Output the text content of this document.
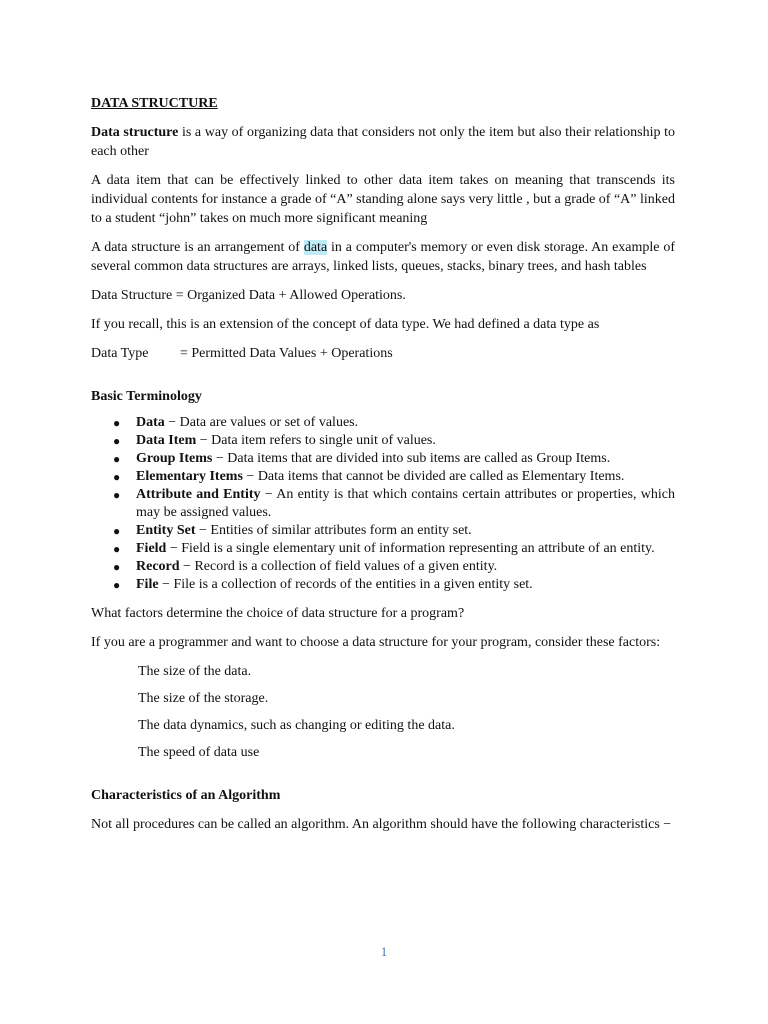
DATA STRUCTURE

Data structure is a way of organizing data that considers not only the item but also their relationship to each other

A data item that can be effectively linked to other data item takes on meaning that transcends its individual contents for instance a grade of “A” standing alone says very little , but a grade of “A” linked to a student “john” takes on much more significant meaning

A data structure is an arrangement of data in a computer's memory or even disk storage. An example of several common data structures are arrays, linked lists, queues, stacks, binary trees, and hash tables

Data Structure = Organized Data + Allowed Operations.

If you recall, this is an extension of the concept of data type. We had defined a data type as

Data Type = Permitted Data Values + Operations

Basic Terminology

● Data − Data are values or set of values.
● Data Item − Data item refers to single unit of values.
● Group Items − Data items that are divided into sub items are called as Group Items.
● Elementary Items − Data items that cannot be divided are called as Elementary Items.
● Attribute and Entity − An entity is that which contains certain attributes or properties, which may be assigned values.
● Entity Set − Entities of similar attributes form an entity set.
● Field − Field is a single elementary unit of information representing an attribute of an entity.
● Record − Record is a collection of field values of a given entity.
● File − File is a collection of records of the entities in a given entity set.

What factors determine the choice of data structure for a program?

If you are a programmer and want to choose a data structure for your program, consider these factors:

The size of the data.

The size of the storage.

The data dynamics, such as changing or editing the data.

The speed of data use

Characteristics of an Algorithm

Not all procedures can be called an algorithm. An algorithm should have the following characteristics −

1
